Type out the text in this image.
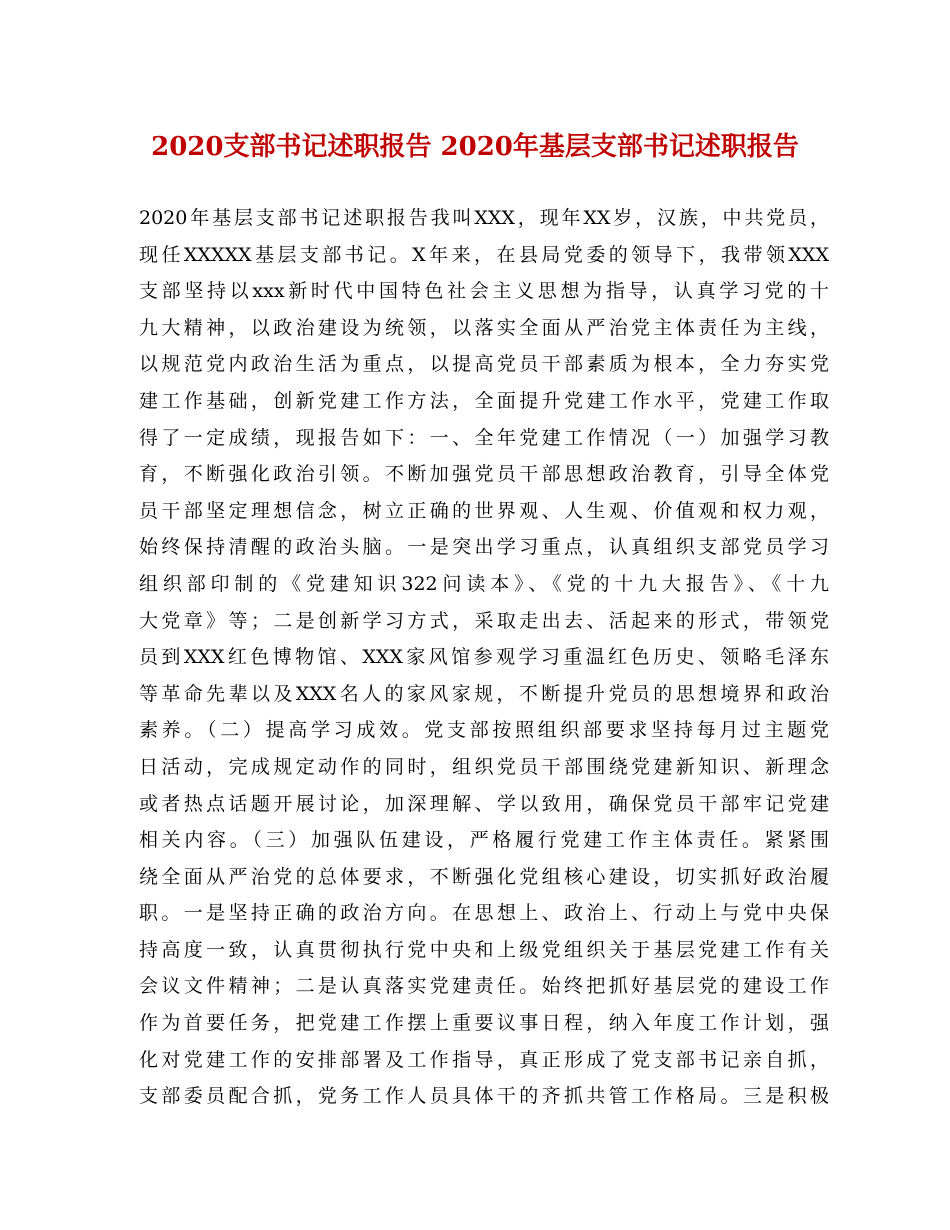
2020支部书记述职报告 2020年基层支部书记述职报告
2020年基层支部书记述职报告我叫XXX，现年XX岁，汉族，中共党员，
现任XXXXX基层支部书记。X年来，在县局党委的领导下，我带领XXX
支部坚持以xxx新时代中国特色社会主义思想为指导，认真学习党的十
九大精神，以政治建设为统领，以落实全面从严治党主体责任为主线，
以规范党内政治生活为重点，以提高党员干部素质为根本，全力夯实党
建工作基础，创新党建工作方法，全面提升党建工作水平，党建工作取
得了一定成绩，现报告如下：一、全年党建工作情况（一）加强学习教
育，不断强化政治引领。不断加强党员干部思想政治教育，引导全体党
员干部坚定理想信念，树立正确的世界观、人生观、价值观和权力观，
始终保持清醒的政治头脑。一是突出学习重点，认真组织支部党员学习
组织部印制的《党建知识322问读本》、《党的十九大报告》、《十九
大党章》等；二是创新学习方式，采取走出去、活起来的形式，带领党
员到XXX红色博物馆、XXX家风馆参观学习重温红色历史、领略毛泽东
等革命先辈以及XXX名人的家风家规，不断提升党员的思想境界和政治
素养。（二）提高学习成效。党支部按照组织部要求坚持每月过主题党
日活动，完成规定动作的同时，组织党员干部围绕党建新知识、新理念
或者热点话题开展讨论，加深理解、学以致用，确保党员干部牢记党建
相关内容。（三）加强队伍建设，严格履行党建工作主体责任。紧紧围
绕全面从严治党的总体要求，不断强化党组核心建设，切实抓好政治履
职。一是坚持正确的政治方向。在思想上、政治上、行动上与党中央保
持高度一致，认真贯彻执行党中央和上级党组织关于基层党建工作有关
会议文件精神；二是认真落实党建责任。始终把抓好基层党的建设工作
作为首要任务，把党建工作摆上重要议事日程，纳入年度工作计划，强
化对党建工作的安排部署及工作指导，真正形成了党支部书记亲自抓，
支部委员配合抓，党务工作人员具体干的齐抓共管工作格局。三是积极
